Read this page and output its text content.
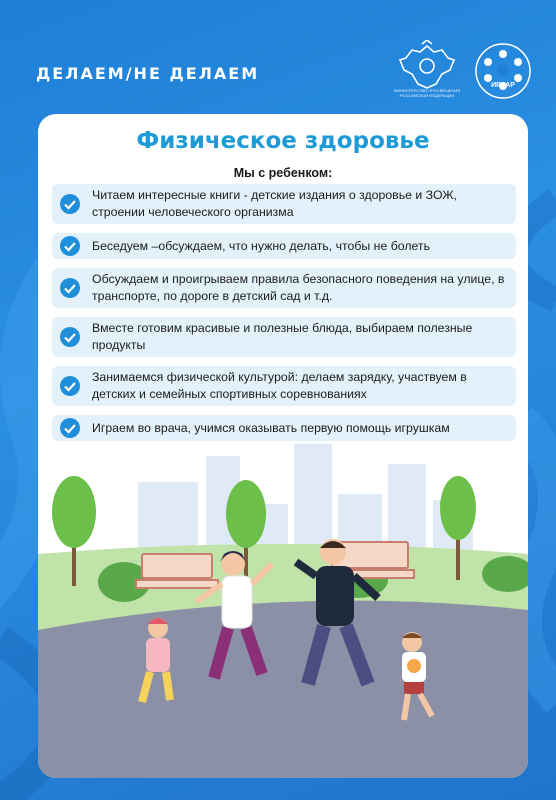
ДЕЛАЕМ/НЕ ДЕЛАЕМ
МИНИСТЕРСТВО ПРОСВЕЩЕНИЯ РОССИЙСКОЙ ФЕДЕРАЦИИ
ИРЗАР
Физическое здоровье
Мы с ребенком:
Читаем интересные книги - детские издания о здоровье и ЗОЖ, строении человеческого организма
Беседуем –обсуждаем, что нужно делать, чтобы не болеть
Обсуждаем и проигрываем правила безопасного поведения на улице, в транспорте, по дороге в детский сад и т.д.
Вместе готовим красивые и полезные блюда, выбираем полезные продукты
Занимаемся физической культурой: делаем зарядку, участвуем в детских и семейных спортивных соревнованиях
Играем во врача, учимся оказывать первую помощь игрушкам
